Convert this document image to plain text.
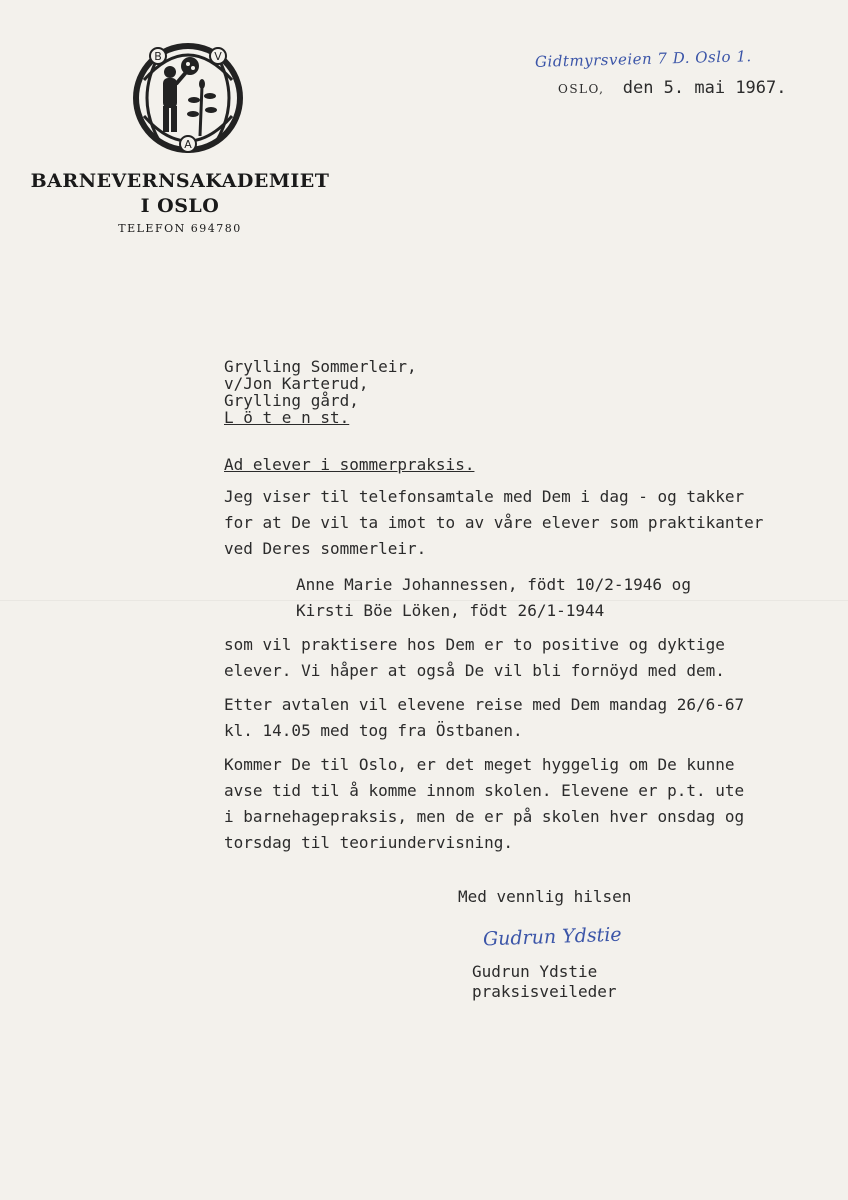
B	V
A
BARNEVERNSAKADEMIET
I OSLO
TELEFON 694780
Gidtmyrsveien 7 D. Oslo 1.
OSLO, den 5. mai 1967.
Grylling Sommerleir,
v/Jon Karterud,
Grylling gård,
L ö t e n st.
Ad elever i sommerpraksis.
Jeg viser til telefonsamtale med Dem i dag - og takker
for at De vil ta imot to av våre elever som praktikanter
ved Deres sommerleir.
Anne Marie Johannessen, födt 10/2-1946 og
Kirsti Böe Löken, födt 26/1-1944
som vil praktisere hos Dem er to positive og dyktige
elever. Vi håper at også De vil bli fornöyd med dem.
Etter avtalen vil elevene reise med Dem mandag 26/6-67
kl. 14.05 med tog fra Östbanen.
Kommer De til Oslo, er det meget hyggelig om De kunne
avse tid til å komme innom skolen. Elevene er p.t. ute
i barnehagepraksis, men de er på skolen hver onsdag og
torsdag til teoriundervisning.
Med vennlig hilsen
Gudrun Ydstie
Gudrun Ydstie
praksisveileder
